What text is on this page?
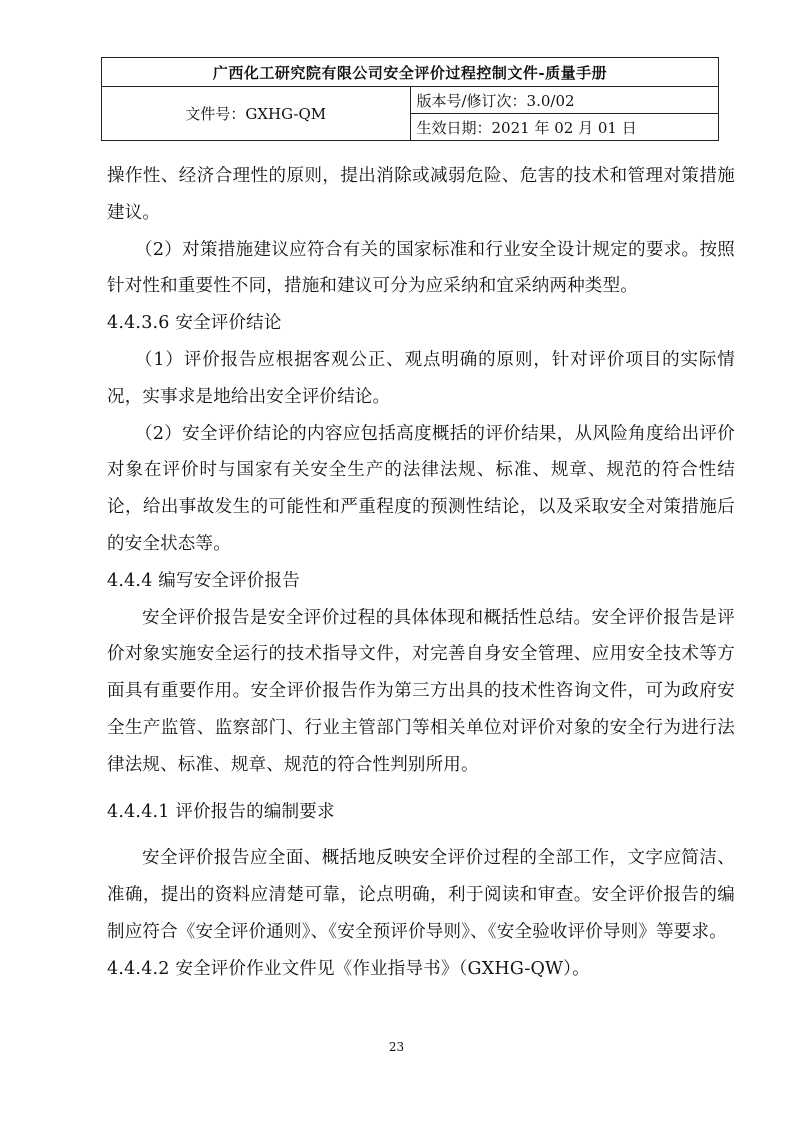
广西化工研究院有限公司安全评价过程控制文件-质量手册
文件号：GXHG-QM	版本号/修订次：3.0/02
生效日期：2021 年 02 月 01 日

操作性、经济合理性的原则，提出消除或减弱危险、危害的技术和管理对策措施建议。

（2）对策措施建议应符合有关的国家标准和行业安全设计规定的要求。按照针对性和重要性不同，措施和建议可分为应采纳和宜采纳两种类型。

4.4.3.6 安全评价结论

（1）评价报告应根据客观公正、观点明确的原则，针对评价项目的实际情况，实事求是地给出安全评价结论。

（2）安全评价结论的内容应包括高度概括的评价结果，从风险角度给出评价对象在评价时与国家有关安全生产的法律法规、标准、规章、规范的符合性结论，给出事故发生的可能性和严重程度的预测性结论，以及采取安全对策措施后的安全状态等。

4.4.4 编写安全评价报告

安全评价报告是安全评价过程的具体体现和概括性总结。安全评价报告是评价对象实施安全运行的技术指导文件，对完善自身安全管理、应用安全技术等方面具有重要作用。安全评价报告作为第三方出具的技术性咨询文件，可为政府安全生产监管、监察部门、行业主管部门等相关单位对评价对象的安全行为进行法律法规、标准、规章、规范的符合性判别所用。

4.4.4.1 评价报告的编制要求

安全评价报告应全面、概括地反映安全评价过程的全部工作，文字应简洁、准确，提出的资料应清楚可靠，论点明确，利于阅读和审查。安全评价报告的编制应符合《安全评价通则》、《安全预评价导则》、《安全验收评价导则》等要求。

4.4.4.2 安全评价作业文件见《作业指导书》（GXHG-QW）。

23
